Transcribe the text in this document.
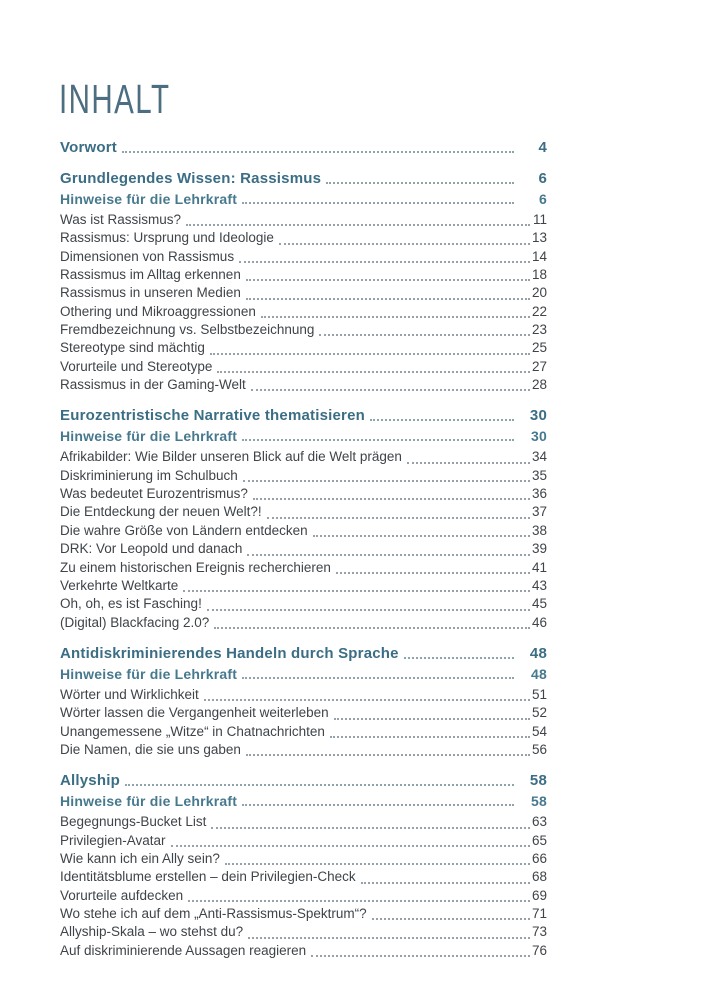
INHALT
Vorwort	4
Grundlegendes Wissen: Rassismus	6
Hinweise für die Lehrkraft	6
Was ist Rassismus?	11
Rassismus: Ursprung und Ideologie	13
Dimensionen von Rassismus	14
Rassismus im Alltag erkennen	18
Rassismus in unseren Medien	20
Othering und Mikroaggressionen	22
Fremdbezeichnung vs. Selbstbezeichnung	23
Stereotype sind mächtig	25
Vorurteile und Stereotype	27
Rassismus in der Gaming-Welt	28
Eurozentristische Narrative thematisieren	30
Hinweise für die Lehrkraft	30
Afrikabilder: Wie Bilder unseren Blick auf die Welt prägen	34
Diskriminierung im Schulbuch	35
Was bedeutet Eurozentrismus?	36
Die Entdeckung der neuen Welt?!	37
Die wahre Größe von Ländern entdecken	38
DRK: Vor Leopold und danach	39
Zu einem historischen Ereignis recherchieren	41
Verkehrte Weltkarte	43
Oh, oh, es ist Fasching!	45
(Digital) Blackfacing 2.0?	46
Antidiskriminierendes Handeln durch Sprache	48
Hinweise für die Lehrkraft	48
Wörter und Wirklichkeit	51
Wörter lassen die Vergangenheit weiterleben	52
Unangemessene „Witze“ in Chatnachrichten	54
Die Namen, die sie uns gaben	56
Allyship	58
Hinweise für die Lehrkraft	58
Begegnungs-Bucket List	63
Privilegien-Avatar	65
Wie kann ich ein Ally sein?	66
Identitätsblume erstellen – dein Privilegien-Check	68
Vorurteile aufdecken	69
Wo stehe ich auf dem „Anti-Rassismus-Spektrum“?	71
Allyship-Skala – wo stehst du?	73
Auf diskriminierende Aussagen reagieren	76
